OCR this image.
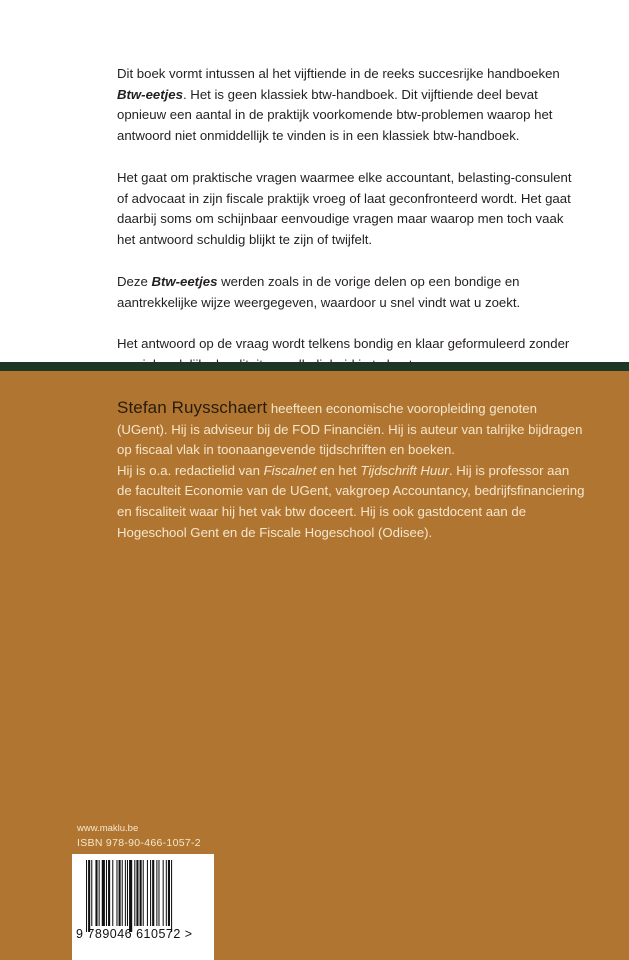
Dit boek vormt intussen al het vijftiende in de reeks succesrijke handboeken Btw-eetjes. Het is geen klassiek btw-handboek. Dit vijftiende deel bevat opnieuw een aantal in de praktijk voorkomende btw-problemen waarop het antwoord niet onmiddellijk te vinden is in een klassiek btw-handboek.

Het gaat om praktische vragen waarmee elke accountant, belasting-consulent of advocaat in zijn fiscale praktijk vroeg of laat geconfronteerd wordt. Het gaat daarbij soms om schijnbaar eenvoudige vragen maar waarop men toch vaak het antwoord schuldig blijkt te zijn of twijfelt.

Deze Btw-eetjes werden zoals in de vorige delen op een bondige en aantrekkelijke wijze weergegeven, waardoor u snel vindt wat u zoekt.

Het antwoord op de vraag wordt telkens bondig en klaar geformuleerd zonder

Stefan Ruysschaert heefteen economische vooropleiding genoten (UGent). Hij is adviseur bij de FOD Financiën. Hij is auteur van talrijke bijdragen op fiscaal vlak in toonaangevende tijdschriften en boeken.
Hij is o.a. redactielid van Fiscalnet en het Tijdschrift Huur. Hij is professor aan de faculteit Economie van de UGent, vakgroep Accountancy, bedrijfsfinanciering en fiscaliteit waar hij het vak btw doceert. Hij is ook gastdocent aan de Hogeschool Gent en de Fiscale Hogeschool (Odisee).
www.maklu.be
ISBN 978-90-466-1057-2
9 789046 610572 >
